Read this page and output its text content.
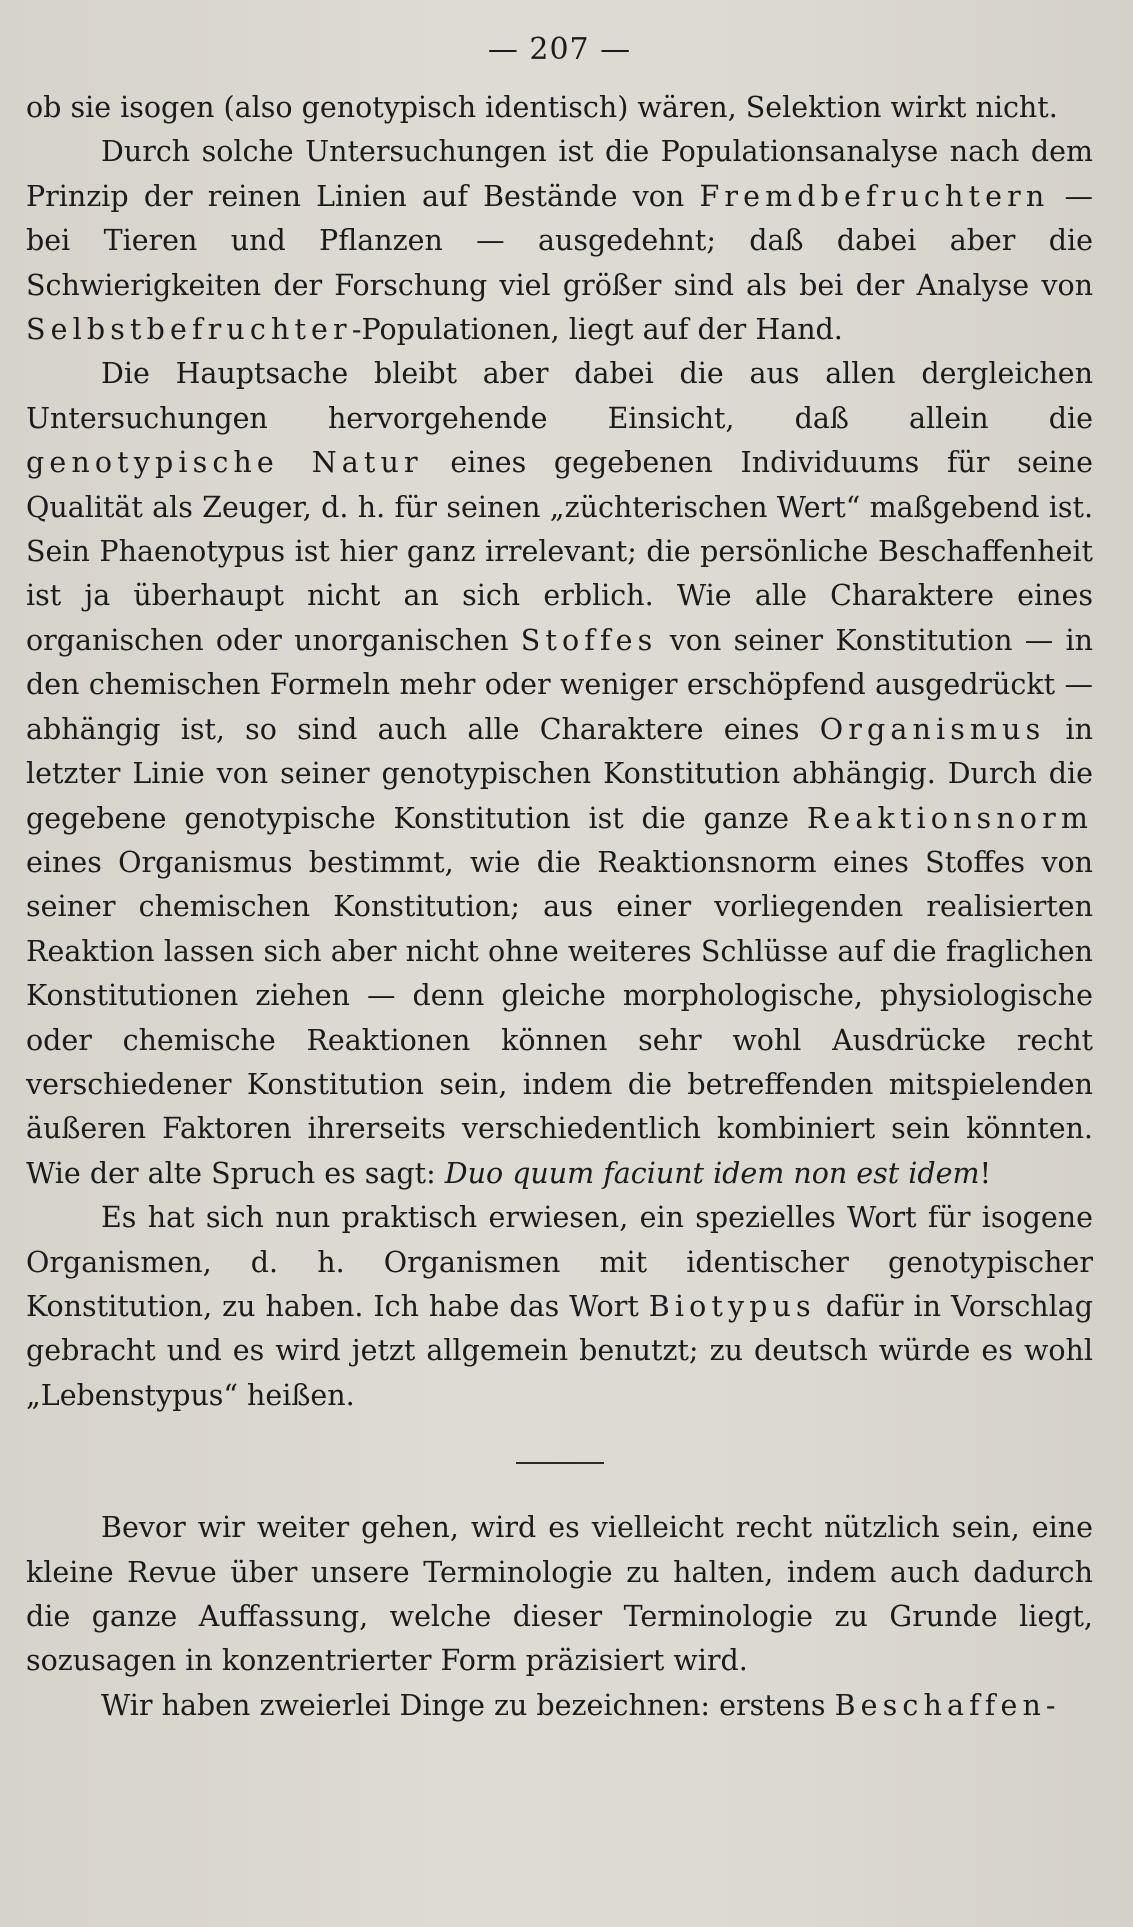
— 207 —

ob sie isogen (also genotypisch identisch) wären, Selektion wirkt nicht.

Durch solche Untersuchungen ist die Populationsanalyse nach dem Prinzip der reinen Linien auf Bestände von Fremdbefruchtern — bei Tieren und Pflanzen — ausgedehnt; daß dabei aber die Schwierigkeiten der Forschung viel größer sind als bei der Analyse von Selbstbefruchter-Populationen, liegt auf der Hand.

Die Hauptsache bleibt aber dabei die aus allen dergleichen Untersuchungen hervorgehende Einsicht, daß allein die genotypische Natur eines gegebenen Individuums für seine Qualität als Zeuger, d. h. für seinen „züchterischen Wert“ maßgebend ist. Sein Phaenotypus ist hier ganz irrelevant; die persönliche Beschaffenheit ist ja überhaupt nicht an sich erblich. Wie alle Charaktere eines organischen oder unorganischen Stoffes von seiner Konstitution — in den chemischen Formeln mehr oder weniger erschöpfend ausgedrückt — abhängig ist, so sind auch alle Charaktere eines Organismus in letzter Linie von seiner genotypischen Konstitution abhängig. Durch die gegebene genotypische Konstitution ist die ganze Reaktionsnorm eines Organismus bestimmt, wie die Reaktionsnorm eines Stoffes von seiner chemischen Konstitution; aus einer vorliegenden realisierten Reaktion lassen sich aber nicht ohne weiteres Schlüsse auf die fraglichen Konstitutionen ziehen — denn gleiche morphologische, physiologische oder chemische Reaktionen können sehr wohl Ausdrücke recht verschiedener Konstitution sein, indem die betreffenden mitspielenden äußeren Faktoren ihrerseits verschiedentlich kombiniert sein könnten. Wie der alte Spruch es sagt: Duo quum faciunt idem non est idem!

Es hat sich nun praktisch erwiesen, ein spezielles Wort für isogene Organismen, d. h. Organismen mit identischer genotypischer Konstitution, zu haben. Ich habe das Wort Biotypus dafür in Vorschlag gebracht und es wird jetzt allgemein benutzt; zu deutsch würde es wohl „Lebenstypus“ heißen.

Bevor wir weiter gehen, wird es vielleicht recht nützlich sein, eine kleine Revue über unsere Terminologie zu halten, indem auch dadurch die ganze Auffassung, welche dieser Terminologie zu Grunde liegt, sozusagen in konzentrierter Form präzisiert wird.

Wir haben zweierlei Dinge zu bezeichnen: erstens Beschaffen-
